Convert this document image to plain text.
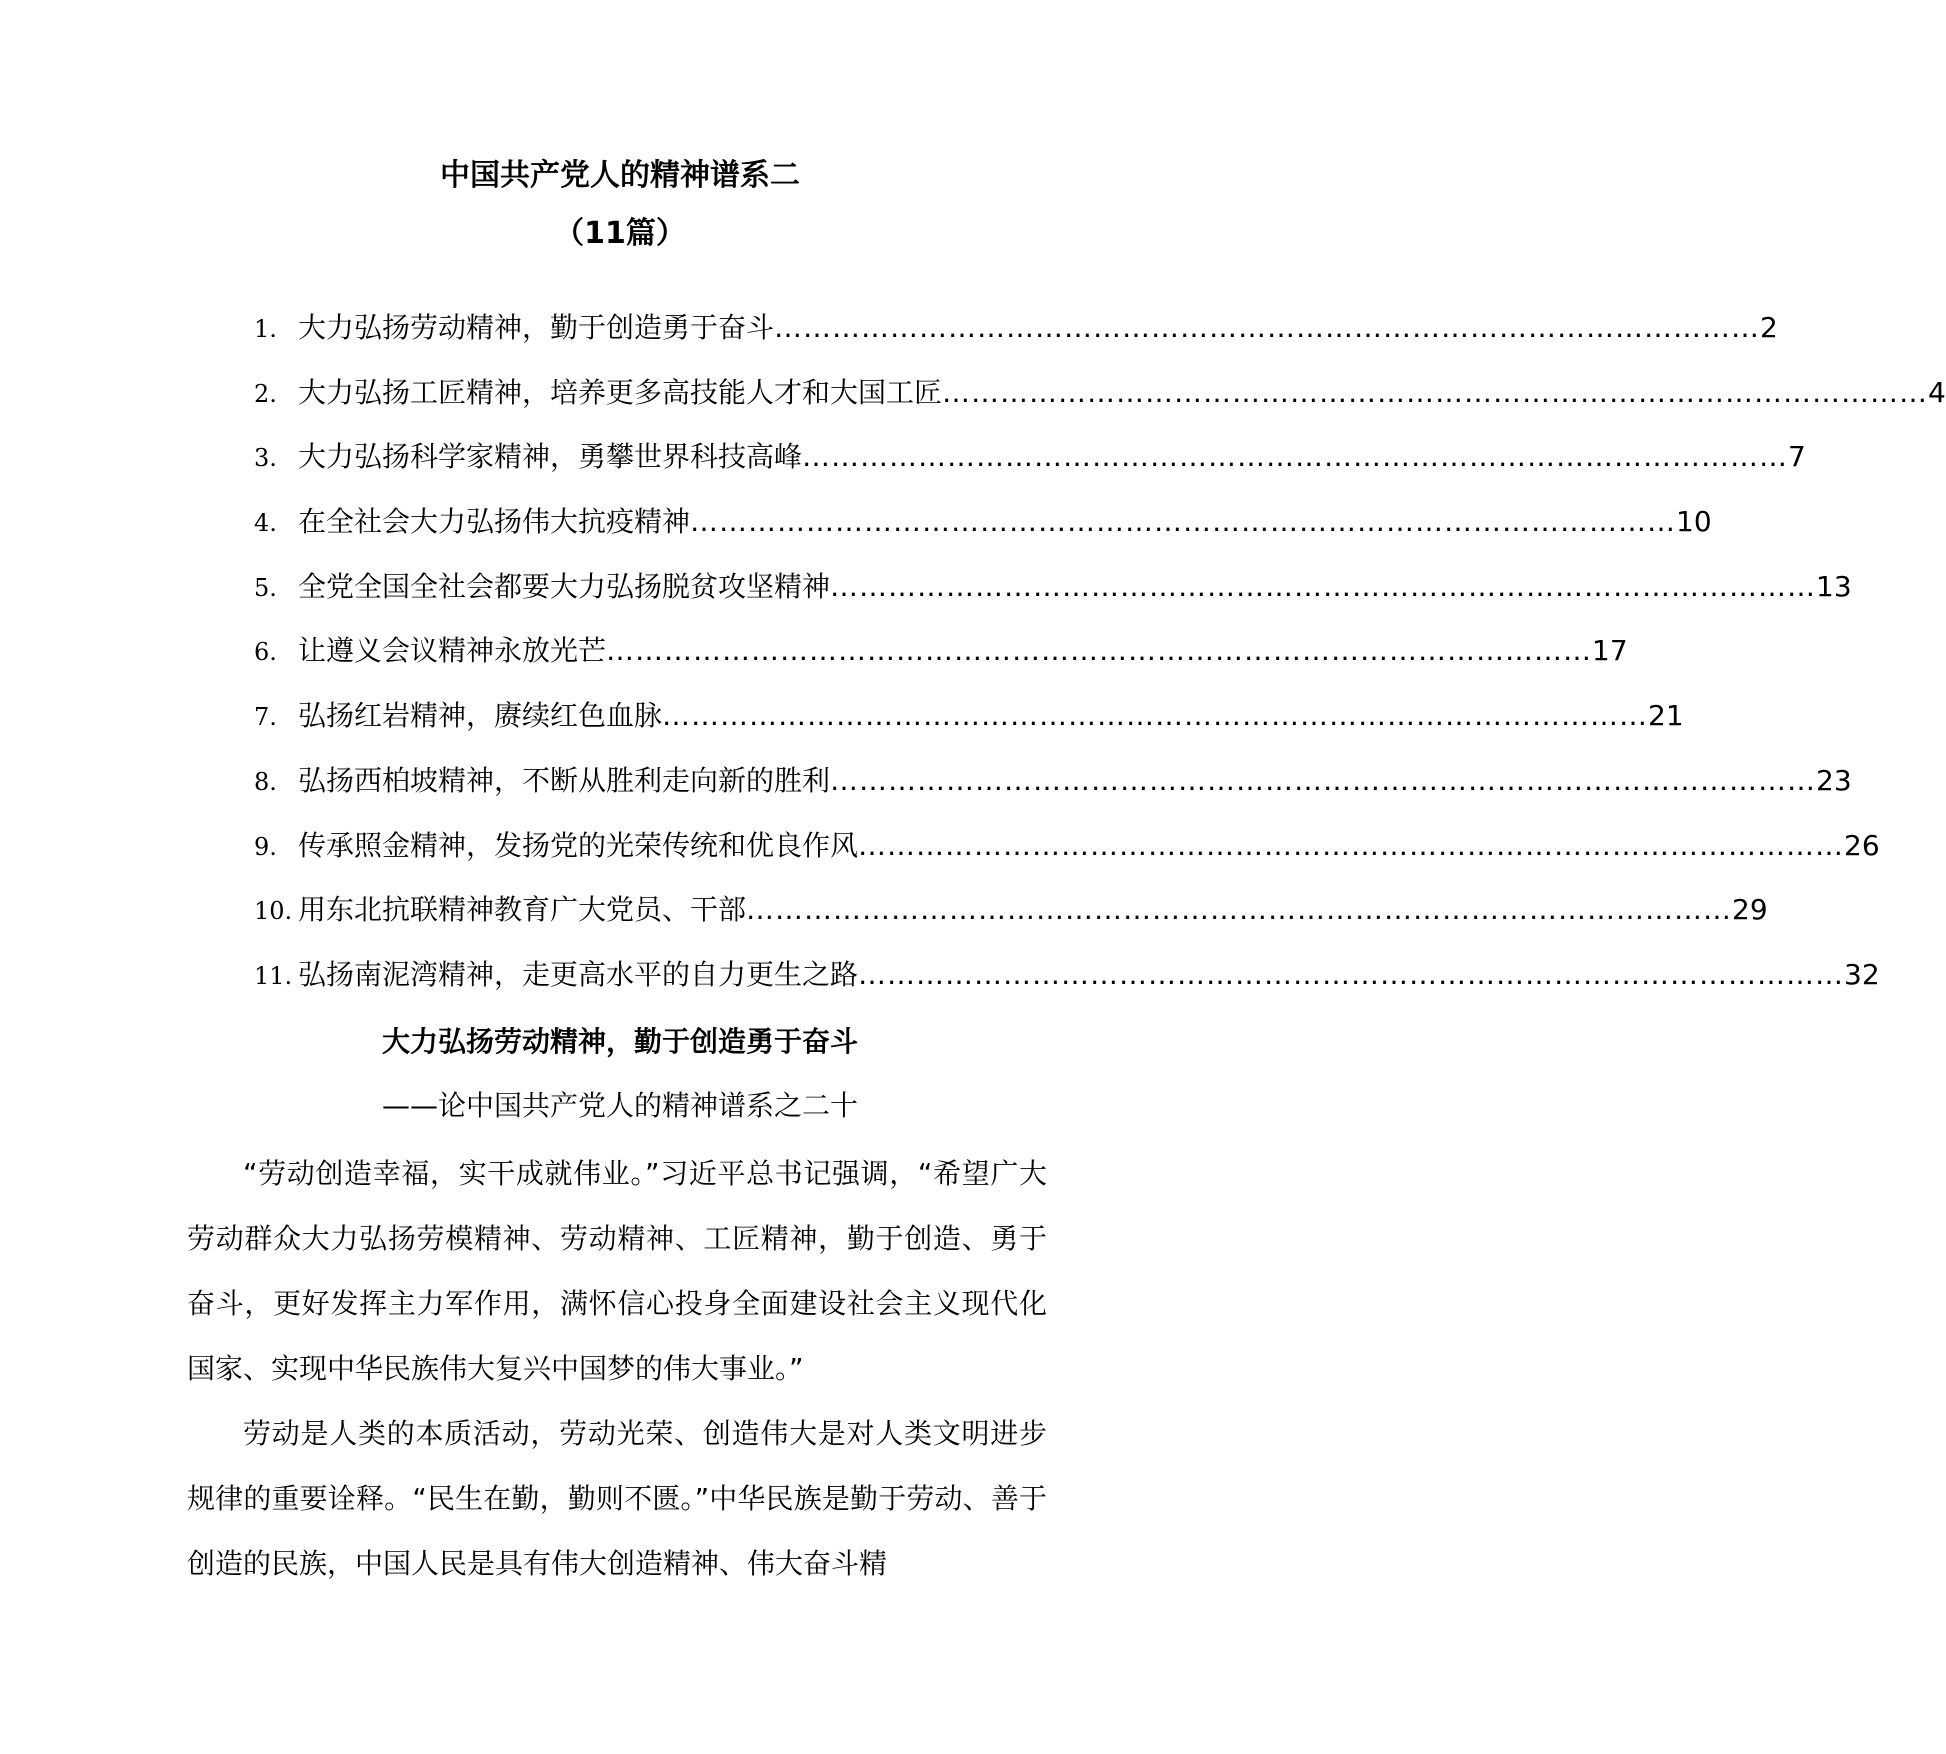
中国共产党人的精神谱系二
（11篇）
1. 大力弘扬劳动精神，勤于创造勇于奋斗 ………………………………………………………………………………………… 2
2. 大力弘扬工匠精神，培养更多高技能人才和大国工匠 ………………………………………………………………………………………… 4
3. 大力弘扬科学家精神，勇攀世界科技高峰 ………………………………………………………………………………………… 7
4. 在全社会大力弘扬伟大抗疫精神 ………………………………………………………………………………………… 10
5. 全党全国全社会都要大力弘扬脱贫攻坚精神 ………………………………………………………………………………………… 13
6. 让遵义会议精神永放光芒 ………………………………………………………………………………………… 17
7. 弘扬红岩精神，赓续红色血脉 ………………………………………………………………………………………… 21
8. 弘扬西柏坡精神，不断从胜利走向新的胜利 ………………………………………………………………………………………… 23
9. 传承照金精神，发扬党的光荣传统和优良作风 ………………………………………………………………………………………… 26
10. 用东北抗联精神教育广大党员、干部 ………………………………………………………………………………………… 29
11. 弘扬南泥湾精神，走更高水平的自力更生之路 ………………………………………………………………………………………… 32
大力弘扬劳动精神，勤于创造勇于奋斗
——论中国共产党人的精神谱系之二十

“劳动创造幸福，实干成就伟业。”习近平总书记强调，“希望广大劳动群众大力弘扬劳模精神、劳动精神、工匠精神，勤于创造、勇于奋斗，更好发挥主力军作用，满怀信心投身全面建设社会主义现代化国家、实现中华民族伟大复兴中国梦的伟大事业。”

劳动是人类的本质活动，劳动光荣、创造伟大是对人类文明进步规律的重要诠释。“民生在勤，勤则不匮。”中华民族是勤于劳动、善于创造的民族，中国人民是具有伟大创造精神、伟大奋斗精
